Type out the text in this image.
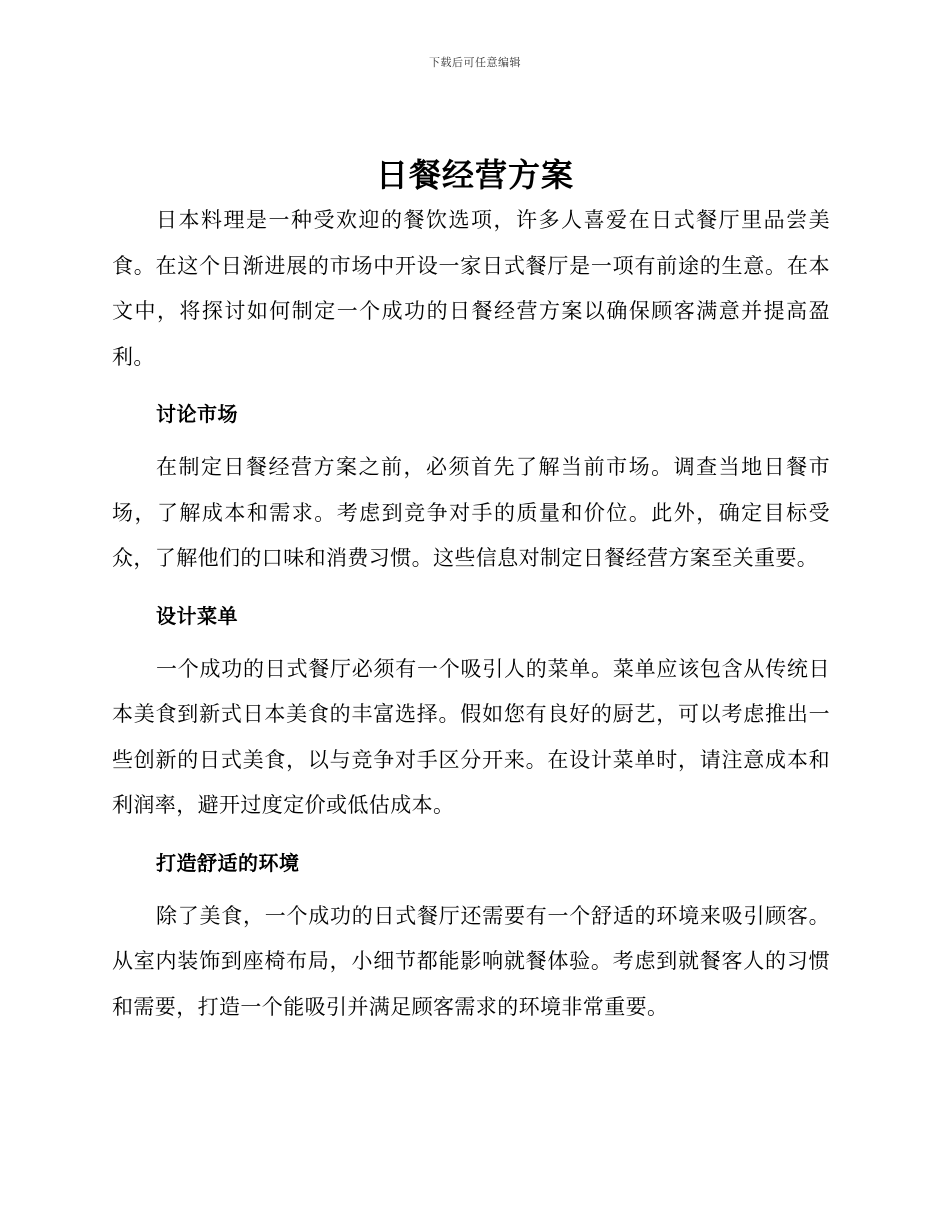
下载后可任意编辑
日餐经营方案

日本料理是一种受欢迎的餐饮选项，许多人喜爱在日式餐厅里品尝美食。在这个日渐进展的市场中开设一家日式餐厅是一项有前途的生意。在本文中，将探讨如何制定一个成功的日餐经营方案以确保顾客满意并提高盈利。

讨论市场

在制定日餐经营方案之前，必须首先了解当前市场。调查当地日餐市场，了解成本和需求。考虑到竞争对手的质量和价位。此外，确定目标受众，了解他们的口味和消费习惯。这些信息对制定日餐经营方案至关重要。

设计菜单

一个成功的日式餐厅必须有一个吸引人的菜单。菜单应该包含从传统日本美食到新式日本美食的丰富选择。假如您有良好的厨艺，可以考虑推出一些创新的日式美食，以与竞争对手区分开来。在设计菜单时，请注意成本和利润率，避开过度定价或低估成本。

打造舒适的环境

除了美食，一个成功的日式餐厅还需要有一个舒适的环境来吸引顾客。从室内装饰到座椅布局，小细节都能影响就餐体验。考虑到就餐客人的习惯和需要，打造一个能吸引并满足顾客需求的环境非常重要。
